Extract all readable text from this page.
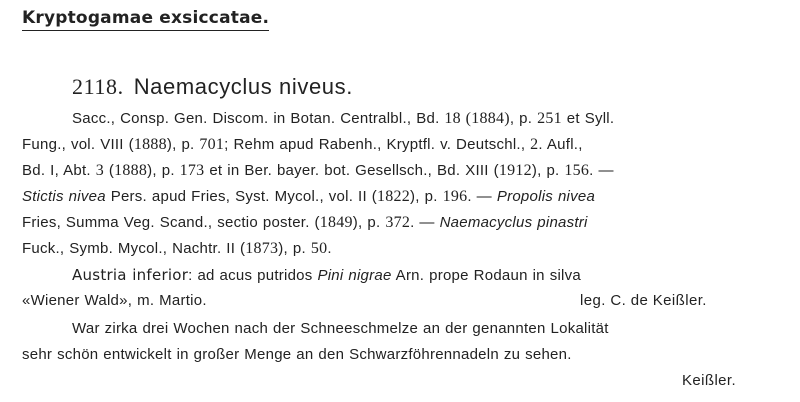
Kryptogamae exsiccatae.
2118. Naemacyclus niveus.
Sacc., Consp. Gen. Discom. in Botan. Centralbl., Bd. 18 (1884), p. 251 et Syll.
Fung., vol. VIII (1888), p. 701; Rehm apud Rabenh., Kryptfl. v. Deutschl., 2. Aufl.,
Bd. I, Abt. 3 (1888), p. 173 et in Ber. bayer. bot. Gesellsch., Bd. XIII (1912), p. 156. —
Stictis nivea Pers. apud Fries, Syst. Mycol., vol. II (1822), p. 196. — Propolis nivea
Fries, Summa Veg. Scand., sectio poster. (1849), p. 372. — Naemacyclus pinastri
Fuck., Symb. Mycol., Nachtr. II (1873), p. 50.
Austria inferior: ad acus putridos Pini nigrae Arn. prope Rodaun in silva
«Wiener Wald», m. Martio.	leg. C. de Keißler.
War zirka drei Wochen nach der Schneeschmelze an der genannten Lokalität
sehr schön entwickelt in großer Menge an den Schwarzföhrennadeln zu sehen.
Keißler.
